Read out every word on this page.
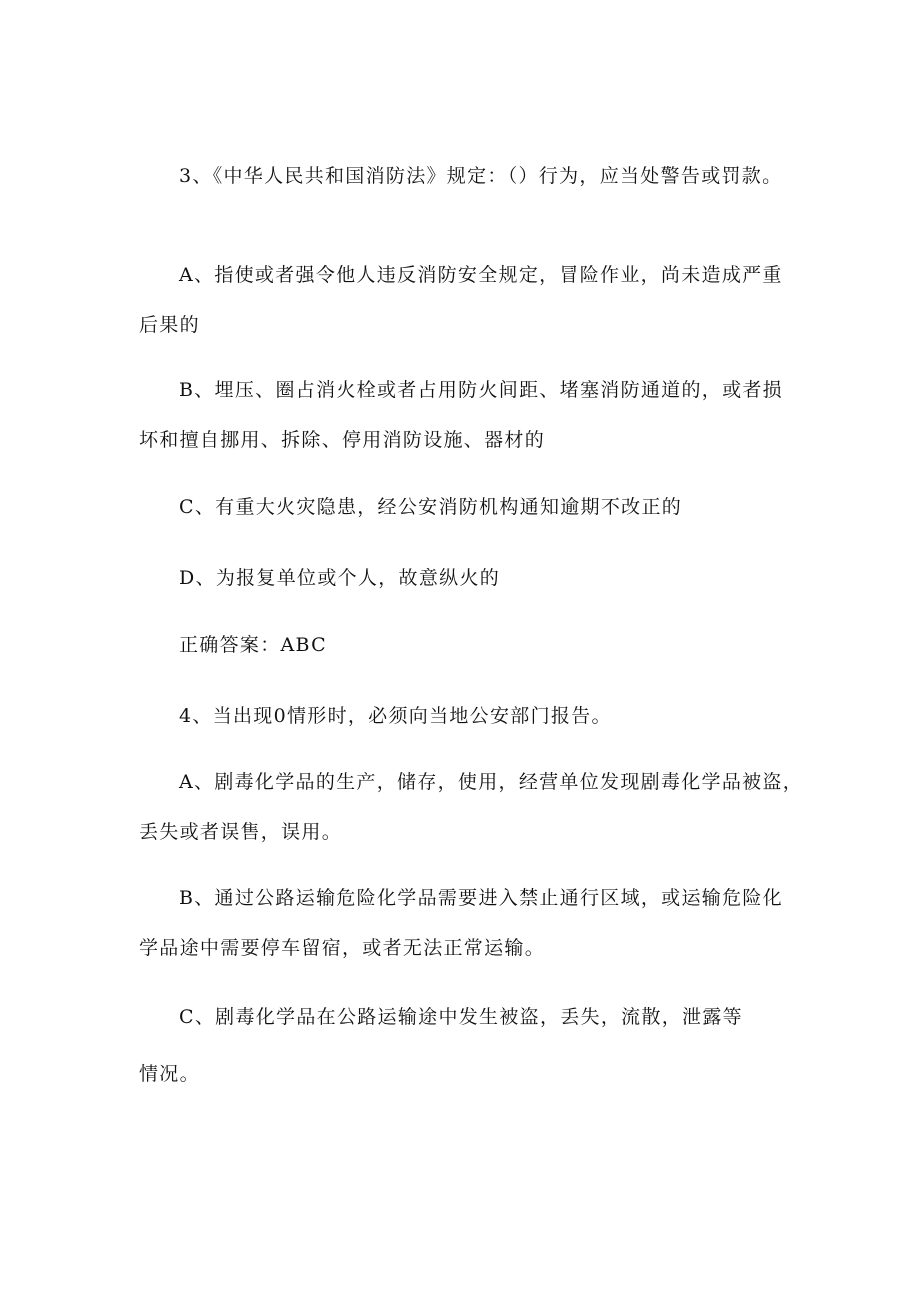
3、《中华人民共和国消防法》规定：（）行为，应当处警告或罚款。
A、指使或者强令他人违反消防安全规定，冒险作业，尚未造成严重
后果的
B、埋压、圈占消火栓或者占用防火间距、堵塞消防通道的，或者损
坏和擅自挪用、拆除、停用消防设施、器材的
C、有重大火灾隐患，经公安消防机构通知逾期不改正的
D、为报复单位或个人，故意纵火的
正确答案：ABC
4、当出现0情形时，必须向当地公安部门报告。
A、剧毒化学品的生产，储存，使用，经营单位发现剧毒化学品被盗，
丢失或者误售，误用。
B、通过公路运输危险化学品需要进入禁止通行区域，或运输危险化
学品途中需要停车留宿，或者无法正常运输。
C、剧毒化学品在公路运输途中发生被盗，丢失，流散，泄露等
情况。
